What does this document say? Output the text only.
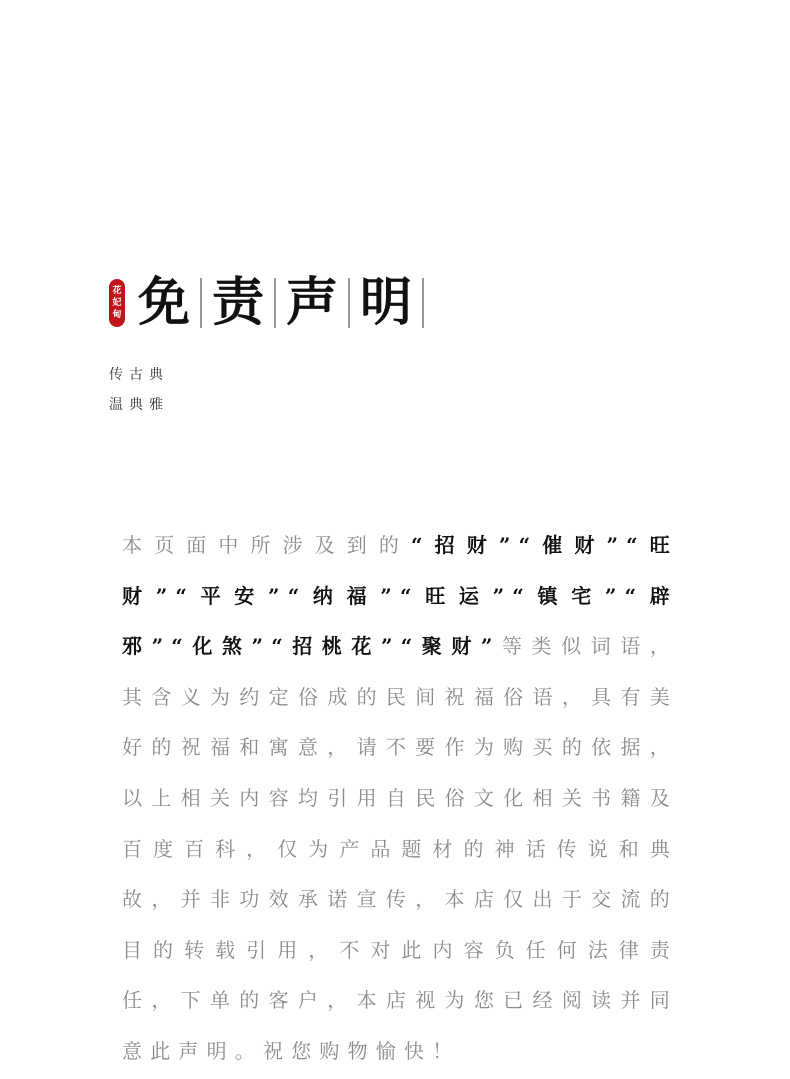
花
妃
甸 免 责 声 明
传古典
温典雅
本页面中所涉及到的“招财”“催财”“旺财”“平安”“纳福”“旺运”“镇宅”“辟邪”“化煞”“招桃花”“聚财”等类似词语，其含义为约定俗成的民间祝福俗语，具有美好的祝福和寓意，请不要作为购买的依据，以上相关内容均引用自民俗文化相关书籍及百度百科，仅为产品题材的神话传说和典故，并非功效承诺宣传，本店仅出于交流的目的转载引用，不对此内容负任何法律责任，下单的客户，本店视为您已经阅读并同意此声明。祝您购物愉快！
